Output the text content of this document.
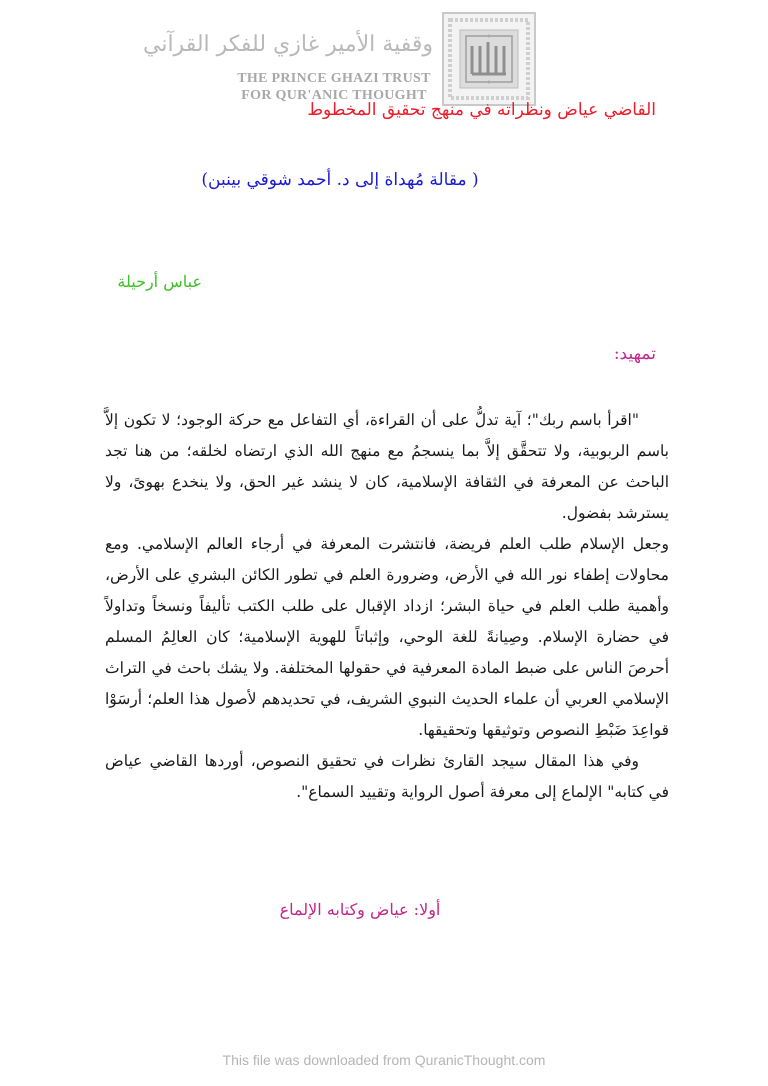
وقفية الأمير غازي للفكر القرآني
THE PRINCE GHAZI TRUST
FOR QUR'ANIC THOUGHT
القاضي عياض ونظراته في منهج تحقيق المخطوط
( مقالة مُهداة إلى د. أحمد شوقي بينبن)
عباس أرحيلة
تمهيد:

"اقرأ باسم ربك"؛ آية تدلُّ على أن القراءة، أي التفاعل مع حركة الوجود؛ لا تكون إلاَّ باسم الربوبية، ولا تتحقَّق إلاَّ بما ينسجمُ مع منهج الله الذي ارتضاه لخلقه؛ من هنا تجد الباحث عن المعرفة في الثقافة الإسلامية، كان لا ينشد غير الحق، ولا ينخدع بهوىً، ولا يسترشد بفضول.

وجعل الإسلام طلب العلم فريضة، فانتشرت المعرفة في أرجاء العالم الإسلامي. ومع محاولات إطفاء نور الله في الأرض، وضرورة العلم في تطور الكائن البشري على الأرض، وأهمية طلب العلم في حياة البشر؛ ازداد الإقبال على طلب الكتب تأليفاً ونسخاً وتداولاً في حضارة الإسلام. وصِيانةً للغة الوحي، وإثباتاً للهوية الإسلامية؛ كان العالِمُ المسلم أحرصَ الناس على ضبط المادة المعرفية في حقولها المختلفة. ولا يشك باحث في التراث الإسلامي العربي أن علماء الحديث النبوي الشريف، في تحديدهم لأصول هذا العلم؛ أرسَوْا قواعِدَ ضَبْطِ النصوص وتوثيقها وتحقيقها.

وفي هذا المقال سيجد القارئ نظرات في تحقيق النصوص، أوردها القاضي عياض في كتابه" الإلماع إلى معرفة أصول الرواية وتقييد السماع".

أولا: عياض وكتابه الإلماع
This file was downloaded from QuranicThought.com
